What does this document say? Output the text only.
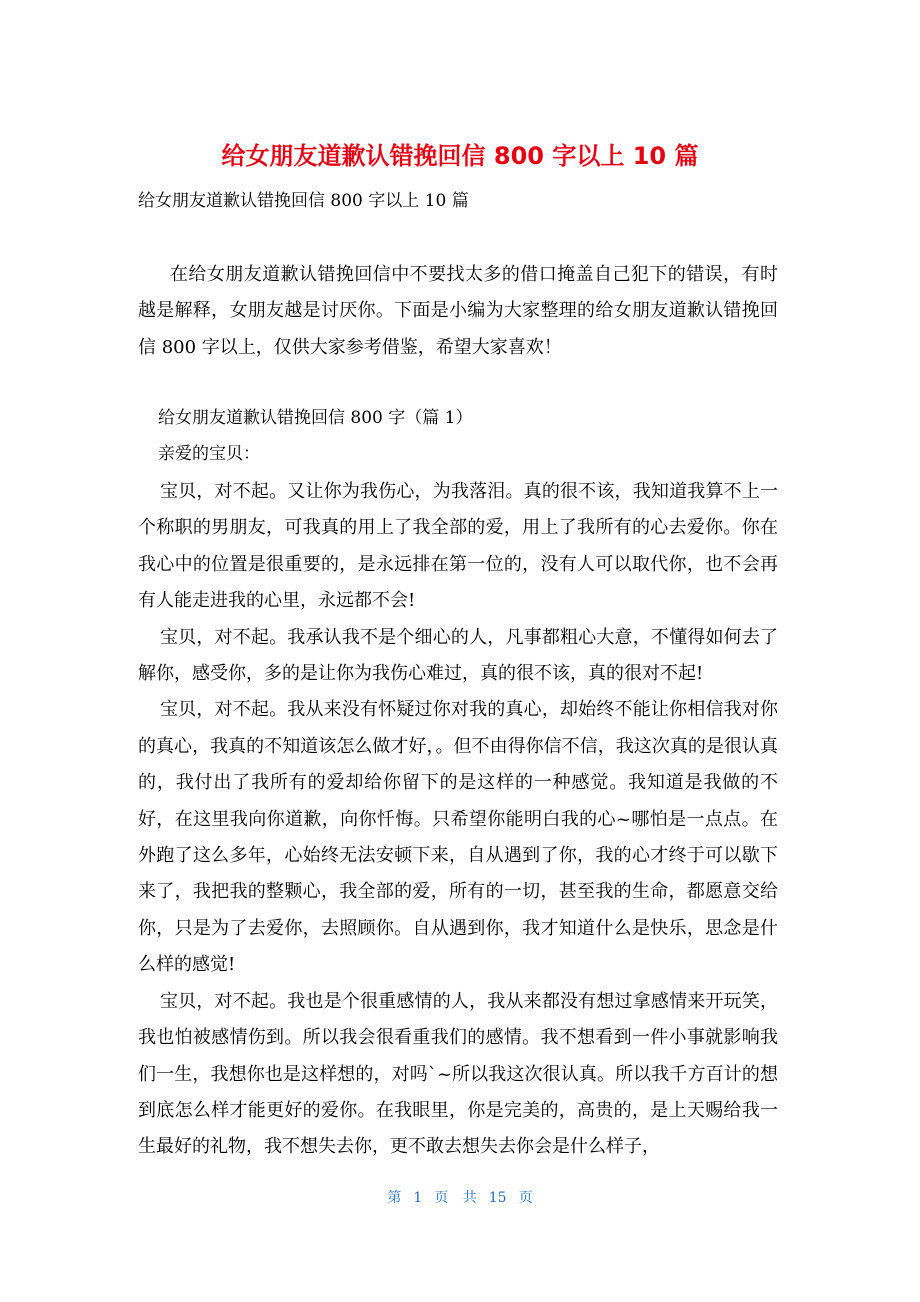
给女朋友道歉认错挽回信 800 字以上 10 篇

给女朋友道歉认错挽回信 800 字以上 10 篇

在给女朋友道歉认错挽回信中不要找太多的借口掩盖自己犯下的错误，有时越是解释，女朋友越是讨厌你。下面是小编为大家整理的给女朋友道歉认错挽回信 800 字以上，仅供大家参考借鉴，希望大家喜欢！

给女朋友道歉认错挽回信 800 字（篇 1）

亲爱的宝贝：

宝贝，对不起。又让你为我伤心，为我落泪。真的很不该，我知道我算不上一个称职的男朋友，可我真的用上了我全部的爱，用上了我所有的心去爱你。你在我心中的位置是很重要的，是永远排在第一位的，没有人可以取代你，也不会再有人能走进我的心里，永远都不会!

宝贝，对不起。我承认我不是个细心的人，凡事都粗心大意，不懂得如何去了解你，感受你，多的是让你为我伤心难过，真的很不该，真的很对不起!

宝贝，对不起。我从来没有怀疑过你对我的真心，却始终不能让你相信我对你的真心，我真的不知道该怎么做才好，。但不由得你信不信，我这次真的是很认真的，我付出了我所有的爱却给你留下的是这样的一种感觉。我知道是我做的不好，在这里我向你道歉，向你忏悔。只希望你能明白我的心~哪怕是一点点。在外跑了这么多年，心始终无法安顿下来，自从遇到了你，我的心才终于可以歇下来了，我把我的整颗心，我全部的爱，所有的一切，甚至我的生命，都愿意交给你，只是为了去爱你，去照顾你。自从遇到你，我才知道什么是快乐，思念是什么样的感觉!

宝贝，对不起。我也是个很重感情的人，我从来都没有想过拿感情来开玩笑，我也怕被感情伤到。所以我会很看重我们的感情。我不想看到一件小事就影响我们一生，我想你也是这样想的，对吗`~所以我这次很认真。所以我千方百计的想到底怎么样才能更好的爱你。在我眼里，你是完美的，高贵的，是上天赐给我一生最好的礼物，我不想失去你，更不敢去想失去你会是什么样子，

第 1 页 共 15 页
